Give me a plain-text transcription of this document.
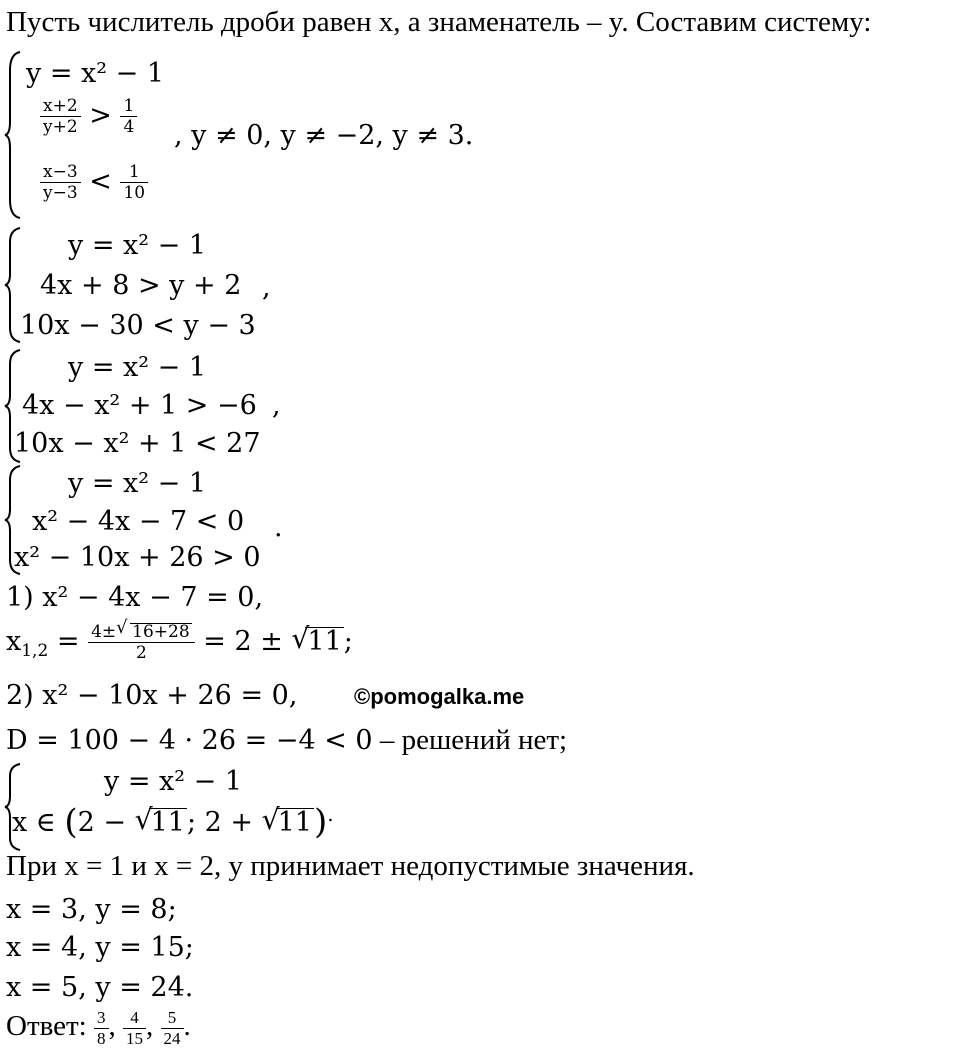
Пусть числитель дроби равен x, а знаменатель – y. Составим систему:
y = x² − 1
$\frac{x+2}{y+2} > \frac{1}{4}$
$\frac{x-3}{y-3} < \frac{1}{10}$
, y ≠ 0, y ≠ −2, y ≠ 3.
y = x² − 1
4x + 8 > y + 2
10x − 30 < y − 3
,
y = x² − 1
4x − x² + 1 > −6
10x − x² + 1 < 27
,
y = x² − 1
x² − 4x − 7 < 0
x² − 10x + 26 > 0
.
1) x² − 4x − 7 = 0,
$x_{1,2} = \frac{4\pm√ 16+28}{2} = 2$ ± √ 11;
2) x² − 10x + 26 = 0,	©pomogalka.me
D = 100 − 4 · 26 = −4 < 0 – решений нет;
y = x² − 1
x ∈ (2 − √ 11; 2 + √ 11).
При x = 1 и x = 2, y принимает недопустимые значения.
x = 3, y = 8;
x = 4, y = 15;
x = 5, y = 24.
Ответ: $\frac{3}{8}$ , $\frac{4}{15}$ , $\frac{5}{24}$ .
